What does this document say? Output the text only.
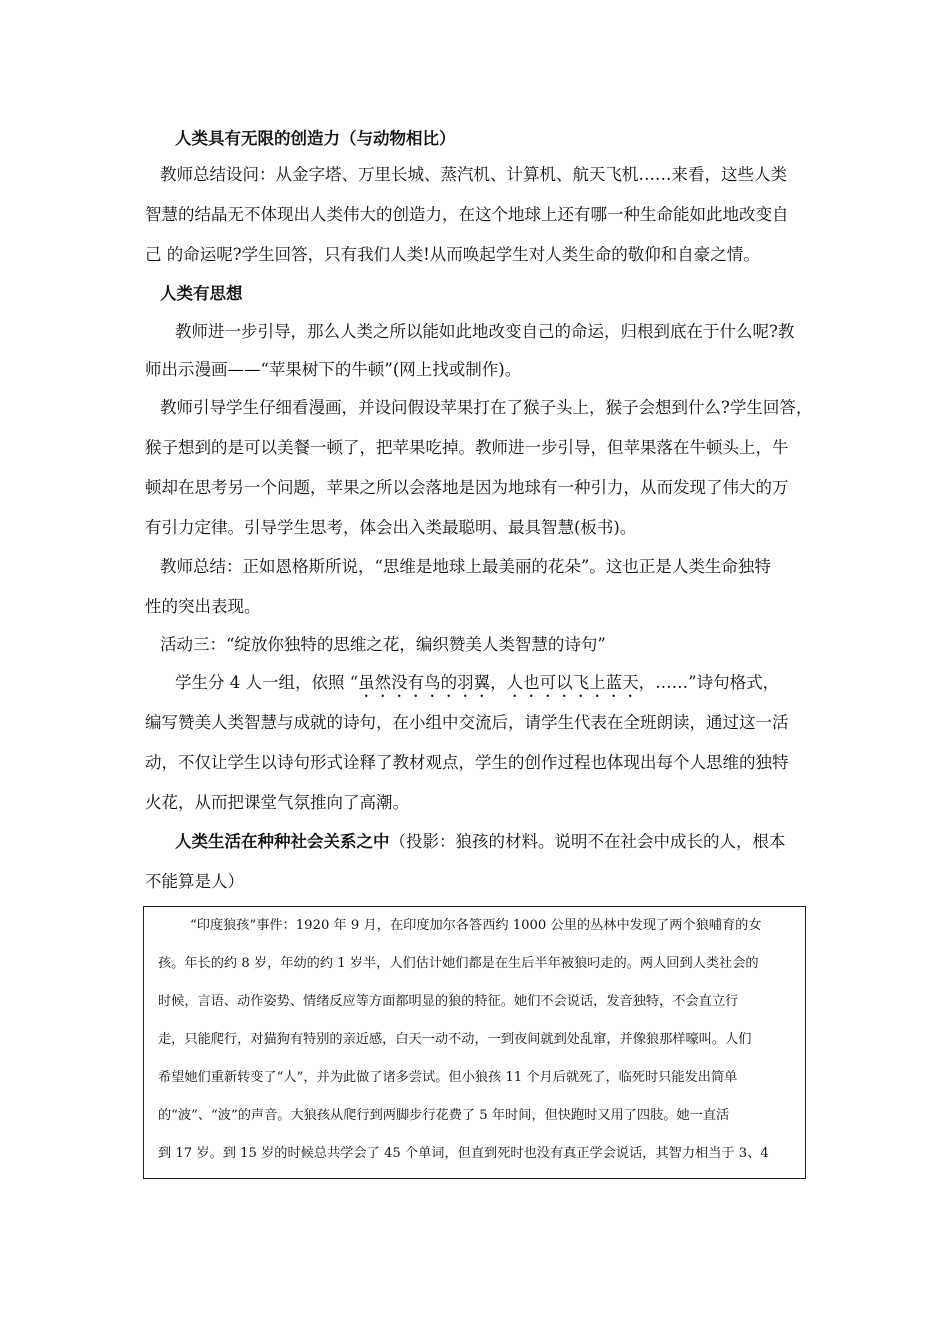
人类具有无限的创造力（与动物相比）
教师总结设问：从金字塔、万里长城、蒸汽机、计算机、航天飞机……来看，这些人类
智慧的结晶无不体现出人类伟大的创造力，在这个地球上还有哪一种生命能如此地改变自
己 的命运呢?学生回答，只有我们人类!从而唤起学生对人类生命的敬仰和自豪之情。
人类有思想
教师进一步引导，那么人类之所以能如此地改变自己的命运，归根到底在于什么呢?教
师出示漫画——“苹果树下的牛顿”(网上找或制作)。
教师引导学生仔细看漫画，并设问假设苹果打在了猴子头上，猴子会想到什么?学生回答，
猴子想到的是可以美餐一顿了，把苹果吃掉。教师进一步引导，但苹果落在牛顿头上，牛
顿却在思考另一个问题，苹果之所以会落地是因为地球有一种引力，从而发现了伟大的万
有引力定律。引导学生思考，体会出入类最聪明、最具智慧(板书)。
教师总结：正如恩格斯所说，“思维是地球上最美丽的花朵”。这也正是人类生命独特
性的突出表现。
活动三：“绽放你独特的思维之花，编织赞美人类智慧的诗句”
学生分 4 人一组，依照 “虽然没有鸟的羽翼，人也可以飞上蓝天，……”诗句格式，
编写赞美人类智慧与成就的诗句，在小组中交流后，请学生代表在全班朗读，通过这一活
动，不仅让学生以诗句形式诠释了教材观点，学生的创作过程也体现出每个人思维的独特
火花，从而把课堂气氛推向了高潮。
人类生活在种种社会关系之中（投影：狼孩的材料。说明不在社会中成长的人，根本
不能算是人）
“印度狼孩”事件：1920 年 9 月，在印度加尔各答西约 1000 公里的丛林中发现了两个狼哺育的女
孩。年长的约 8 岁，年幼的约 1 岁半，人们估计她们都是在生后半年被狼叼走的。两人回到人类社会的
时候，言语、动作姿势、情绪反应等方面都明显的狼的特征。她们不会说话，发音独特，不会直立行
走，只能爬行，对猫狗有特别的亲近感，白天一动不动，一到夜间就到处乱窜，并像狼那样嚎叫。人们
希望她们重新转变了“人”，并为此做了诸多尝试。但小狼孩 11 个月后就死了，临死时只能发出简单
的“波”、“波”的声音。大狼孩从爬行到两脚步行花费了 5 年时间，但快跑时又用了四肢。她一直活
到 17 岁。到 15 岁的时候总共学会了 45 个单词，但直到死时也没有真正学会说话，其智力相当于 3、4
